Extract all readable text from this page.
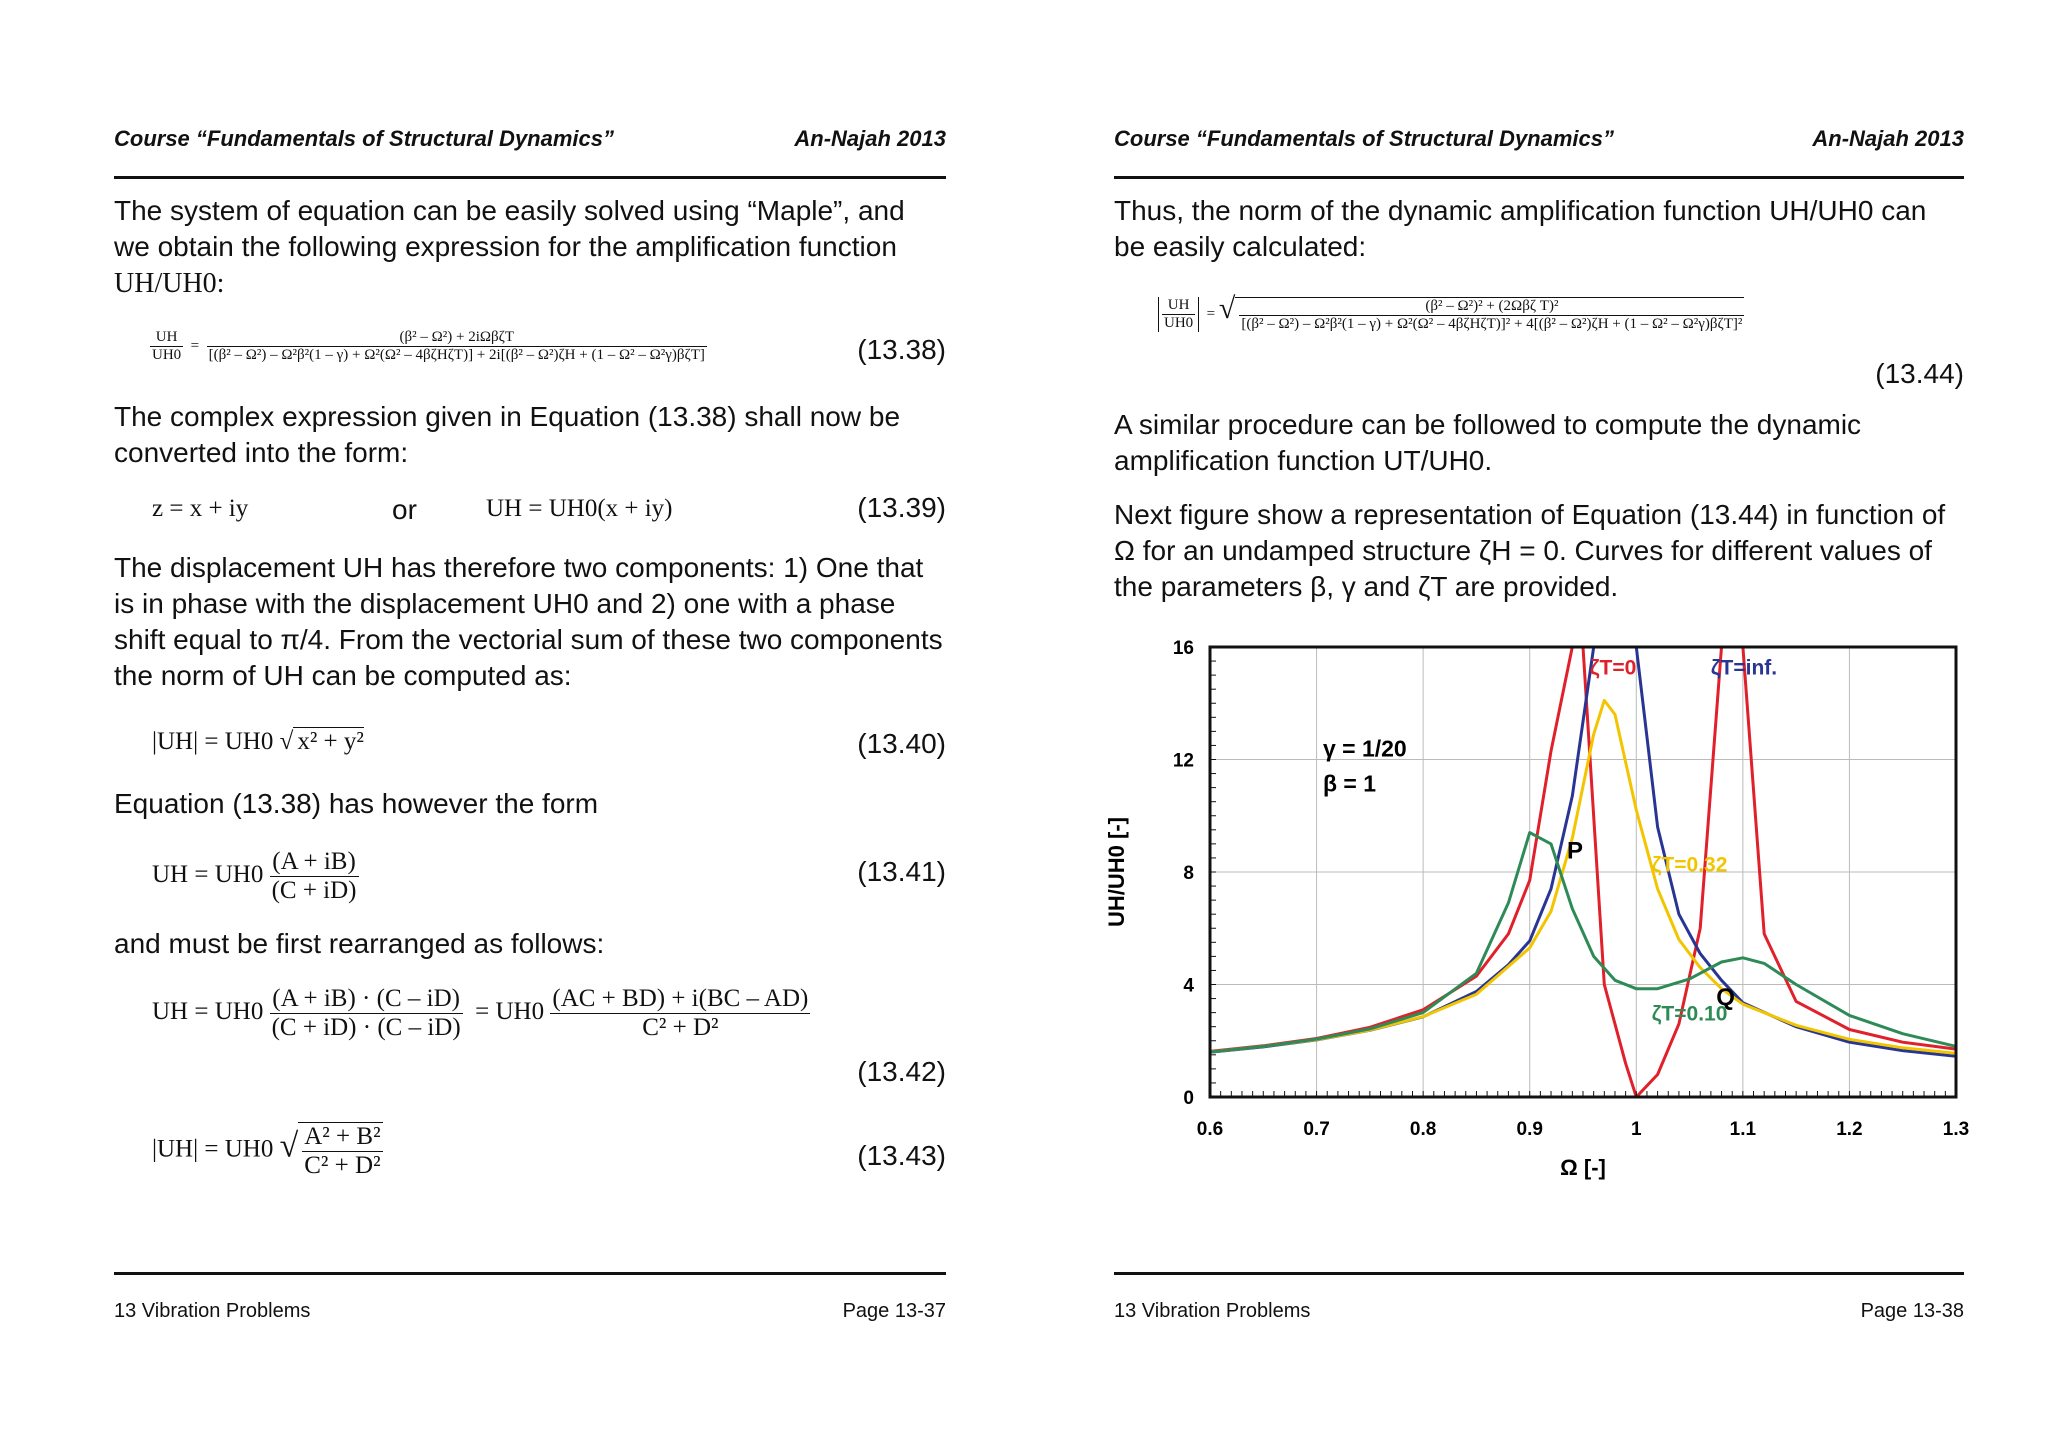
Course “Fundamentals of Structural Dynamics”	An-Najah 2013
The system of equation can be easily solved using “Maple”, and we obtain the following expression for the amplification function
UH/UH0:
$\frac{UH}{UH0}$ =
(β² – Ω²) + 2iΩβζT
[(β² – Ω²) – Ω²β²(1 – γ) + Ω²(Ω² – 4βζHζT)] + 2i[(β² – Ω²)ζH + (1 – Ω² – Ω²γ)βζT]	(13.38)
The complex expression given in Equation (13.38) shall now be converted into the form:
z = x + iy	or	UH = UH0(x + iy)	(13.39)
The displacement UH has therefore two components: 1) One that is in phase with the displacement UH0 and 2) one with a phase shift equal to π/4. From the vectorial sum of these two components the norm of UH can be computed as:
|UH| = UH0 √ x² + y²	(13.40)
Equation (13.38) has however the form
UH = $UH0 \frac{(A + iB)}{(C + iD)}$	(13.41)
and must be first rearranged as follows:
UH = $UH0 \frac{(A + iB) \cdot (C - iD)}{(C + iD) \cdot (C - iD)} = UH0 \frac{(AC + BD) + i(BC - AD)}{\text{C² + D²}}$
(13.42)
|UH| = UH0 √ $\frac{\text{A² + B²}}{\text{C² + D²}}$	(13.43)
13 Vibration Problems	Page 13-37
Course “Fundamentals of Structural Dynamics”	An-Najah 2013
Thus, the norm of the dynamic amplification function UH/UH0 can be easily calculated:
$\frac{UH}{UH0}$ = √	(β² – Ω²)² + (2Ωβζ T)²
[(β² – Ω²) – Ω²β²(1 – γ) + Ω²(Ω² – 4βζHζT)]² + 4[(β² – Ω²)ζH + (1 – Ω² – Ω²γ)βζT]²
(13.44)
A similar procedure can be followed to compute the dynamic amplification function UT/UH0.
Next figure show a representation of Equation (13.44) in function of Ω for an undamped structure ζH = 0. Curves for different values of the parameters β, γ and ζT are provided.
0.6	0.7	0.8	0.9	1	1.1	1.2	1.3
0
4
8
12
16
Ω [-]
UH/UH0 [-]
ζT=0	ζT=inf.
ζT=0.32
ζT=0.10
γ = 1/20
β = 1
P
Q
13 Vibration Problems	Page 13-38
